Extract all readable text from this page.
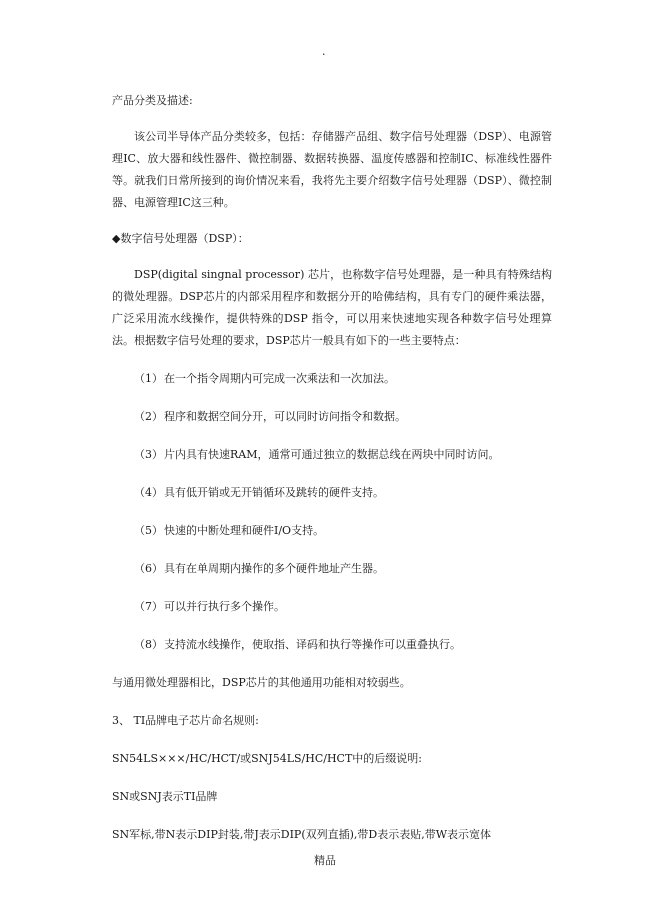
.

产品分类及描述:

该公司半导体产品分类较多，包括：存储器产品组、数字信号处理器（DSP）、电源管理IC、放大器和线性器件、微控制器、数据转换器、温度传感器和控制IC、标准线性器件等。就我们日常所接到的询价情况来看，我将先主要介绍数字信号处理器（DSP）、微控制器、电源管理IC这三种。

◆数字信号处理器（DSP）：

DSP(digital singnal processor) 芯片，也称数字信号处理器，是一种具有特殊结构的微处理器。DSP芯片的内部采用程序和数据分开的哈佛结构，具有专门的硬件乘法器，广泛采用流水线操作，提供特殊的DSP 指令，可以用来快速地实现各种数字信号处理算法。根据数字信号处理的要求，DSP芯片一般具有如下的一些主要特点：

（1）在一个指令周期内可完成一次乘法和一次加法。

（2）程序和数据空间分开，可以同时访问指令和数据。

（3）片内具有快速RAM，通常可通过独立的数据总线在两块中同时访问。

（4）具有低开销或无开销循环及跳转的硬件支持。

（5）快速的中断处理和硬件I/O支持。

（6）具有在单周期内操作的多个硬件地址产生器。

（7）可以并行执行多个操作。

（8）支持流水线操作，使取指、译码和执行等操作可以重叠执行。

与通用微处理器相比，DSP芯片的其他通用功能相对较弱些。

3、 TI品牌电子芯片命名规则:

SN54LS×××/HC/HCT/或SNJ54LS/HC/HCT中的后缀说明:

SN或SNJ表示TI品牌

SN军标,带N表示DIP封装,带J表示DIP(双列直插),带D表示表贴,带W表示宽体

精品
